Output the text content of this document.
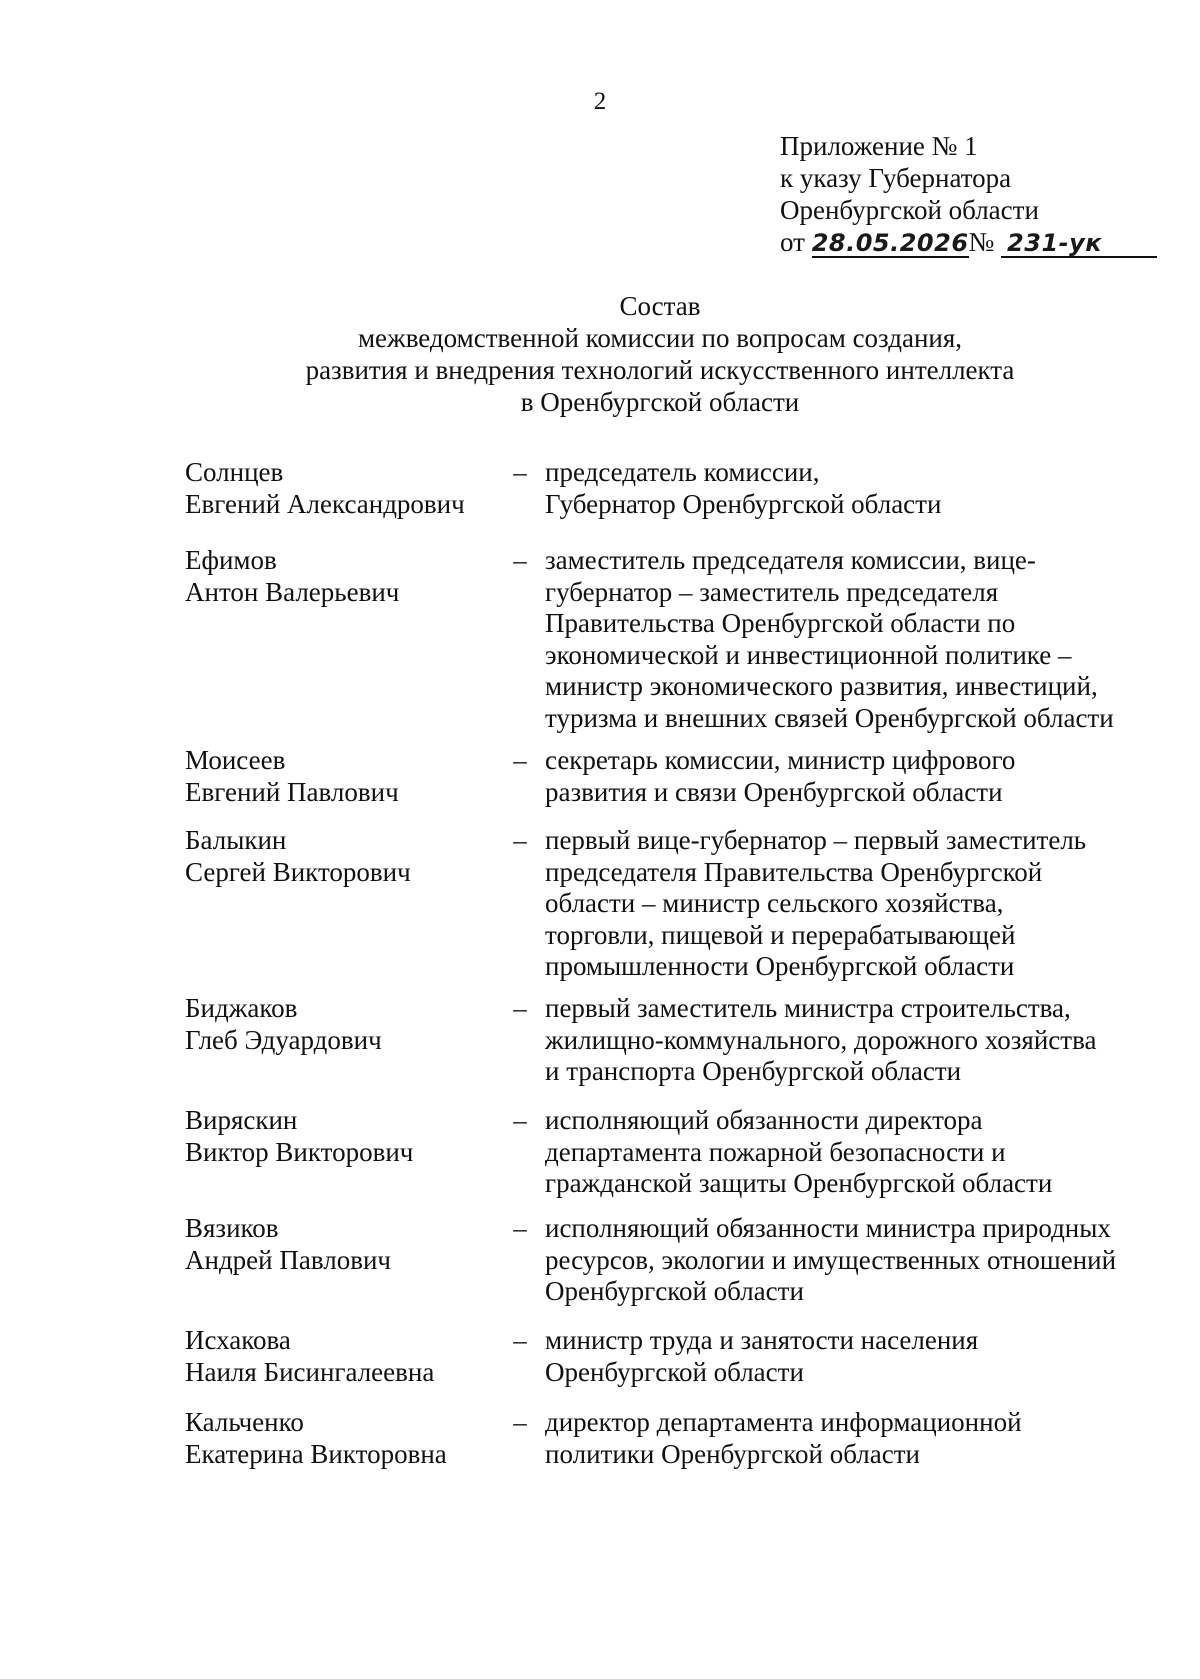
2
Приложение № 1
к указу Губернатора
Оренбургской области
от 28.05.2026№ 231-ук
Состав
межведомственной комиссии по вопросам создания,
развития и внедрения технологий искусственного интеллекта
в Оренбургской области
Солнцев
Евгений Александрович
– председатель комиссии,
Губернатор Оренбургской области
Ефимов
Антон Валерьевич
– заместитель председателя комиссии, вице-
губернатор – заместитель председателя
Правительства Оренбургской области по
экономической и инвестиционной политике –
министр экономического развития, инвестиций,
туризма и внешних связей Оренбургской области
Моисеев
Евгений Павлович
– секретарь комиссии, министр цифрового
развития и связи Оренбургской области
Балыкин
Сергей Викторович
– первый вице-губернатор – первый заместитель
председателя Правительства Оренбургской
области – министр сельского хозяйства,
торговли, пищевой и перерабатывающей
промышленности Оренбургской области
Биджаков
Глеб Эдуардович
– первый заместитель министра строительства,
жилищно-коммунального, дорожного хозяйства
и транспорта Оренбургской области
Виряскин
Виктор Викторович
– исполняющий обязанности директора
департамента пожарной безопасности и
гражданской защиты Оренбургской области
Вязиков
Андрей Павлович
– исполняющий обязанности министра природных
ресурсов, экологии и имущественных отношений
Оренбургской области
Исхакова
Наиля Бисингалеевна
– министр труда и занятости населения
Оренбургской области
Кальченко
Екатерина Викторовна
– директор департамента информационной
политики Оренбургской области
